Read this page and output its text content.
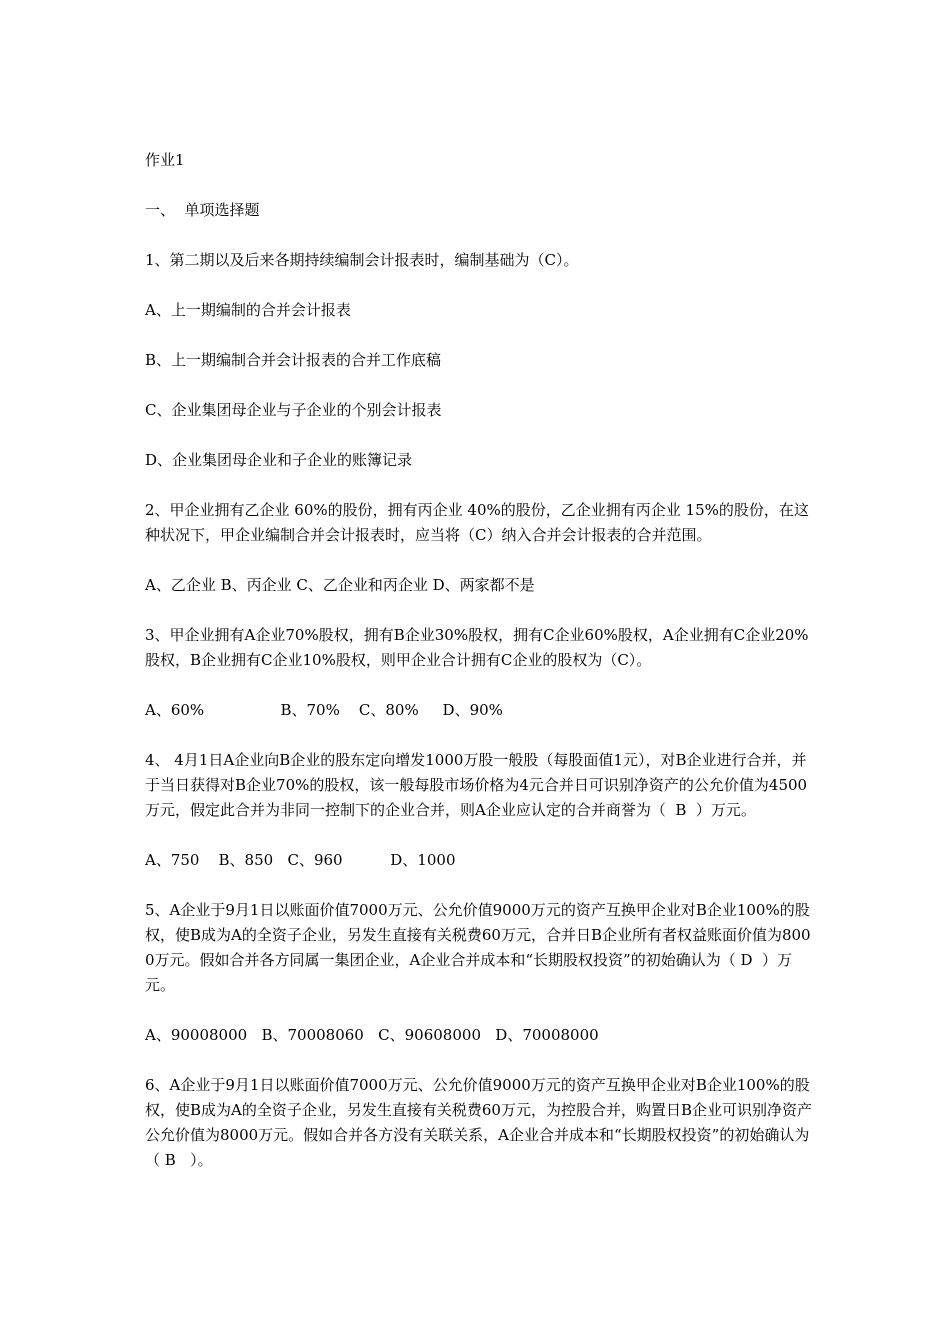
作业1
一、  单项选择题
1、第二期以及后来各期持续编制会计报表时，编制基础为（C）。
A、上一期编制的合并会计报表
B、上一期编制合并会计报表的合并工作底稿
C、企业集团母企业与子企业的个别会计报表
D、企业集团母企业和子企业的账簿记录
2、甲企业拥有乙企业 60%的股份，拥有丙企业 40%的股份，乙企业拥有丙企业 15%的股份，在这种状况下，甲企业编制合并会计报表时，应当将（C）纳入合并会计报表的合并范围。
A、乙企业 B、丙企业 C、乙企业和丙企业 D、两家都不是
3、甲企业拥有A企业70%股权，拥有B企业30%股权，拥有C企业60%股权，A企业拥有C企业20%股权，B企业拥有C企业10%股权，则甲企业合计拥有C企业的股权为（C）。
A、60%                B、70%    C、80%     D、90%
4、 4月1日A企业向B企业的股东定向增发1000万股一般股（每股面值1元），对B企业进行合并，并于当日获得对B企业70%的股权，该一般每股市场价格为4元合并日可识别净资产的公允价值为4500万元，假定此合并为非同一控制下的企业合并，则A企业应认定的合并商誉为（  B  ）万元。
A、750    B、850   C、960          D、1000
5、A企业于9月1日以账面价值7000万元、公允价值9000万元的资产互换甲企业对B企业100%的股权，使B成为A的全资子企业，另发生直接有关税费60万元，合并日B企业所有者权益账面价值为8000万元。假如合并各方同属一集团企业，A企业合并成本和“长期股权投资”的初始确认为（ D  ）万元。
A、90008000   B、70008060   C、90608000   D、70008000
6、A企业于9月1日以账面价值7000万元、公允价值9000万元的资产互换甲企业对B企业100%的股权，使B成为A的全资子企业，另发生直接有关税费60万元，为控股合并，购置日B企业可识别净资产公允价值为8000万元。假如合并各方没有关联关系，A企业合并成本和“长期股权投资”的初始确认为（ B   ）。
